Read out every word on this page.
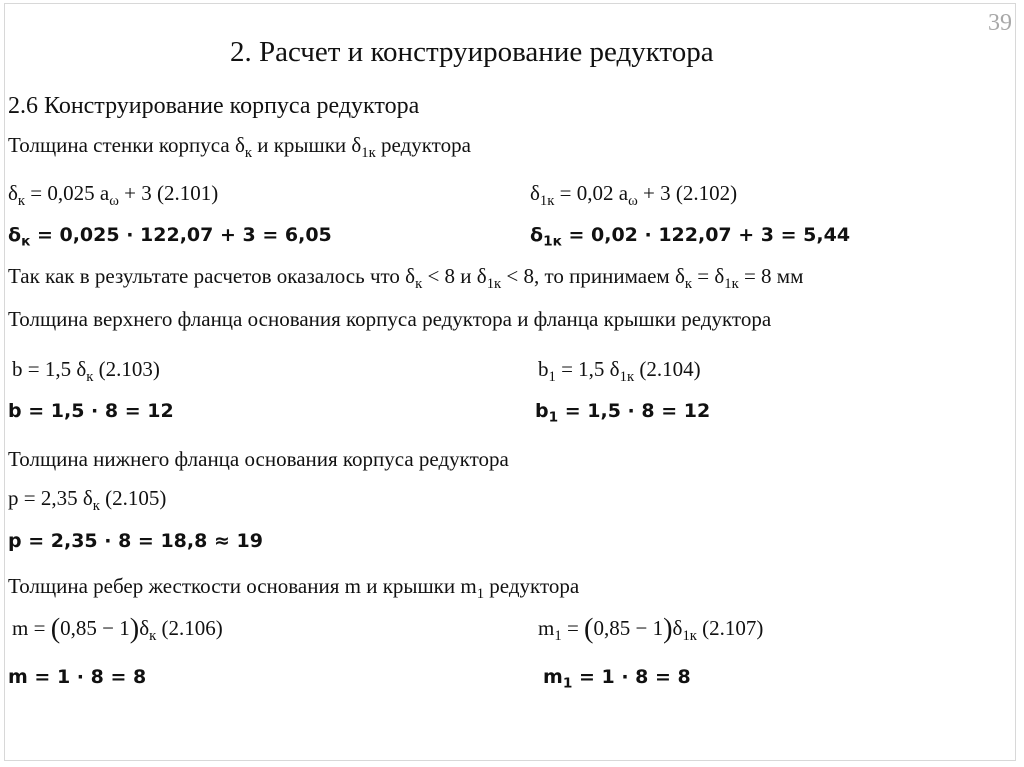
39
2. Расчет и конструирование редуктора
2.6 Конструирование корпуса редуктора
Толщина стенки корпуса $\delta_к$ и крышки $\delta_{1к}$ редуктора
$\delta_к = 0,025$ $a_\omega + 3$ (2.101)	$\delta_{1к} = 0,02$ $a_\omega + 3$ (2.102)
$\delta_к = 0,025 \cdot 122,07 + 3 = 6,05$	$\delta_{1к} = 0,02 \cdot 122,07 + 3 = 5,44$
Так как в результате расчетов оказалось что $\delta_к < 8$ и $\delta_{1к} < 8$, то принимаем $\delta_к = \delta_{1к} = 8$ мм
Толщина верхнего фланца основания корпуса редуктора и фланца крышки редуктора
b = 1,5 $\delta_к$ (2.103)	$b_1 = 1,5$ $\delta_{1к}$ (2.104)
b = 1,5 · 8 = 12	$b_1 = 1,5 \cdot 8 = 12$
Толщина нижнего фланца основания корпуса редуктора
p = 2,35 $\delta_к$ (2.105)
p = 2,35 · 8 = 18,8 ≈ 19
Толщина ребер жесткости основания m и крышки $m_1$ редуктора
$m = (0,85 - 1)\delta_к$ (2.106)	$m_1 = (0,85 - 1)\delta_{1к}$ (2.107)
m = 1 · 8 = 8	$m_1 = 1 \cdot 8 = 8$
